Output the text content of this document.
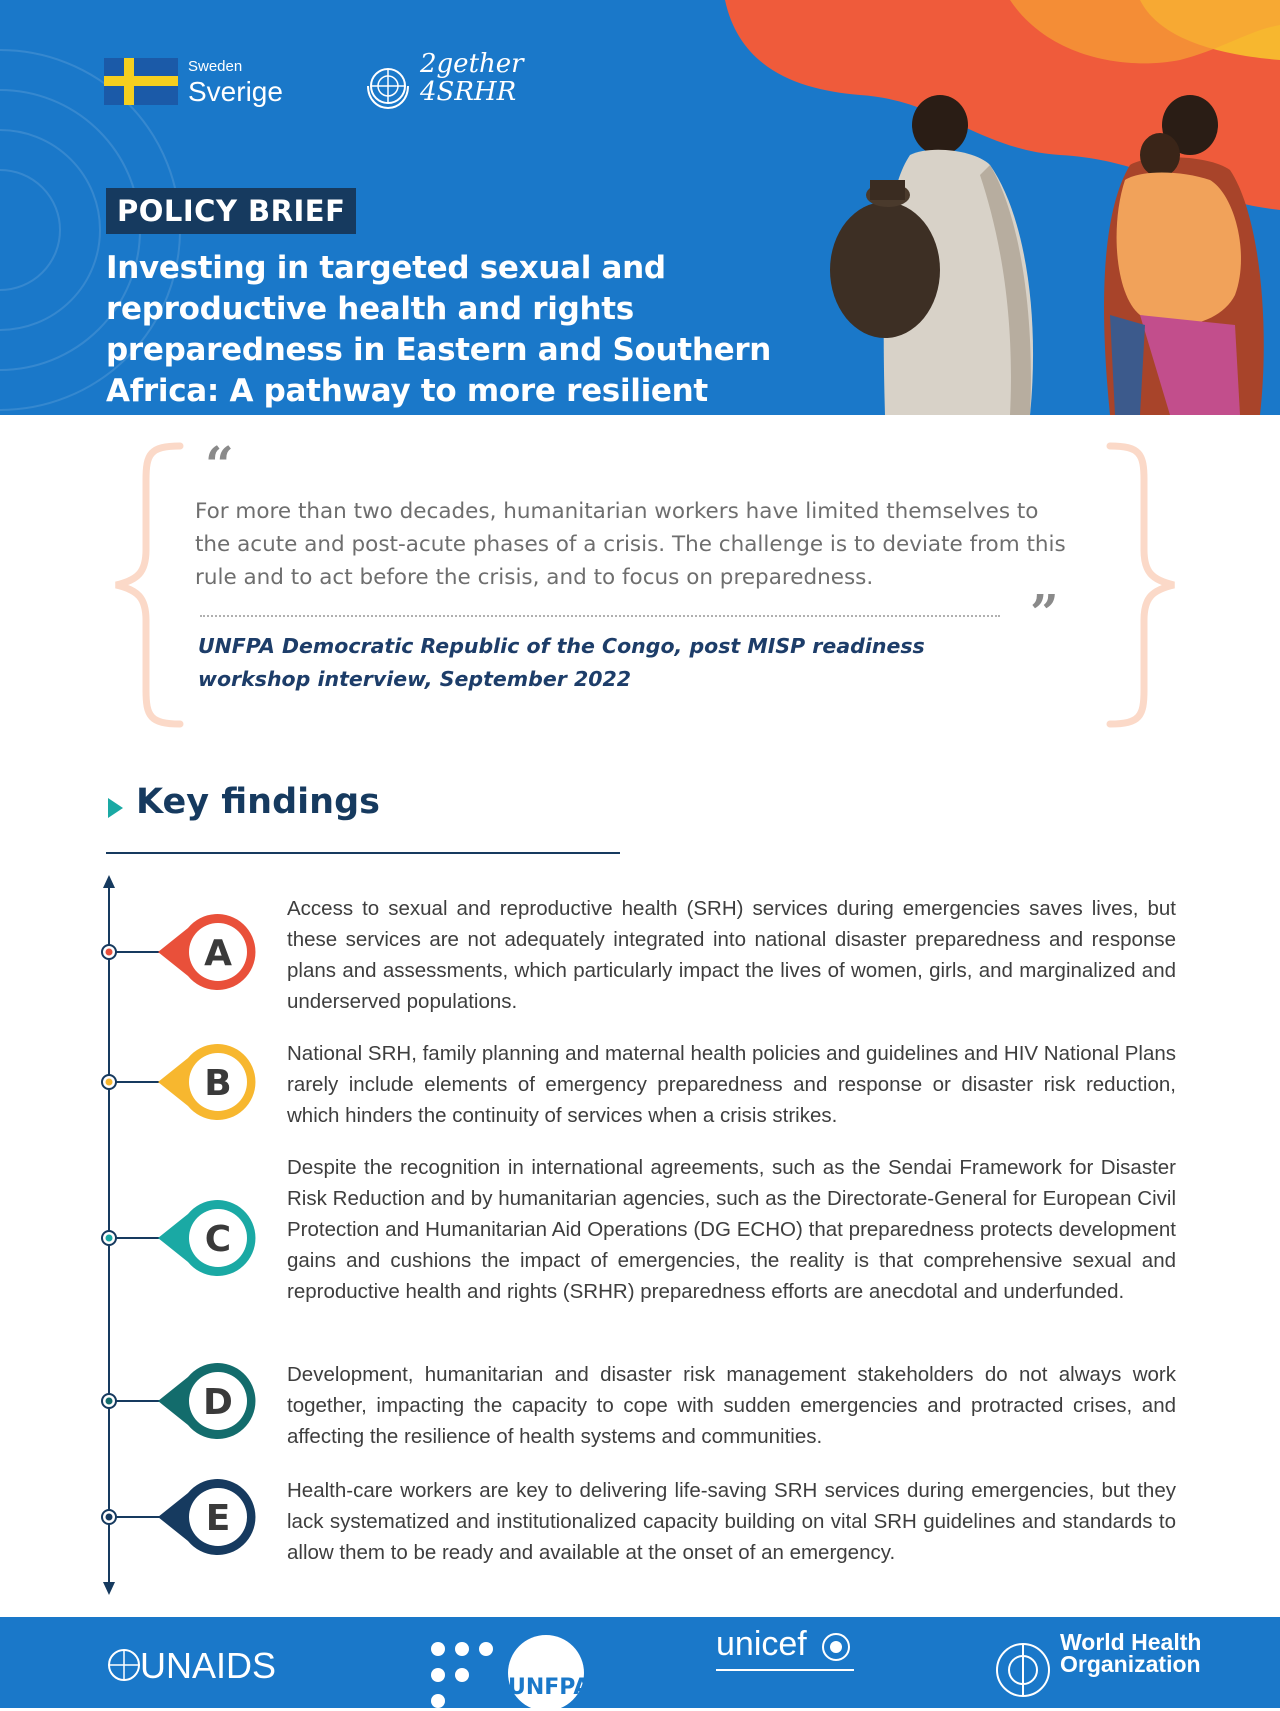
Sweden
Sverige
2gether
4SRHR
POLICY BRIEF
Investing in targeted sexual and reproductive health and rights preparedness in Eastern and Southern Africa: A pathway to more resilient systems
“
For more than two decades, humanitarian workers have limited themselves to the acute and post-acute phases of a crisis. The challenge is to deviate from this rule and to act before the crisis, and to focus on preparedness.
”
UNFPA Democratic Republic of the Congo, post MISP readiness workshop interview, September 2022
Key findings
A
B
C
D
E
Access to sexual and reproductive health (SRH) services during emergencies saves lives, but these services are not adequately integrated into national disaster preparedness and response plans and assessments, which particularly impact the lives of women, girls, and marginalized and underserved populations.
National SRH, family planning and maternal health policies and guidelines and HIV National Plans rarely include elements of emergency preparedness and response or disaster risk reduction, which hinders the continuity of services when a crisis strikes.
Despite the recognition in international agreements, such as the Sendai Framework for Disaster Risk Reduction and by humanitarian agencies, such as the Directorate-General for European Civil Protection and Humanitarian Aid Operations (DG ECHO) that preparedness protects development gains and cushions the impact of emergencies, the reality is that comprehensive sexual and reproductive health and rights (SRHR) preparedness efforts are anecdotal and underfunded.
Development, humanitarian and disaster risk management stakeholders do not always work together, impacting the capacity to cope with sudden emergencies and protracted crises, and affecting the resilience of health systems and communities.
Health-care workers are key to delivering life-saving SRH services during emergencies, but they lack systematized and institutionalized capacity building on vital SRH guidelines and standards to allow them to be ready and available at the onset of an emergency.
UNAIDS
UNFPA
unicef	World Health
Organization
